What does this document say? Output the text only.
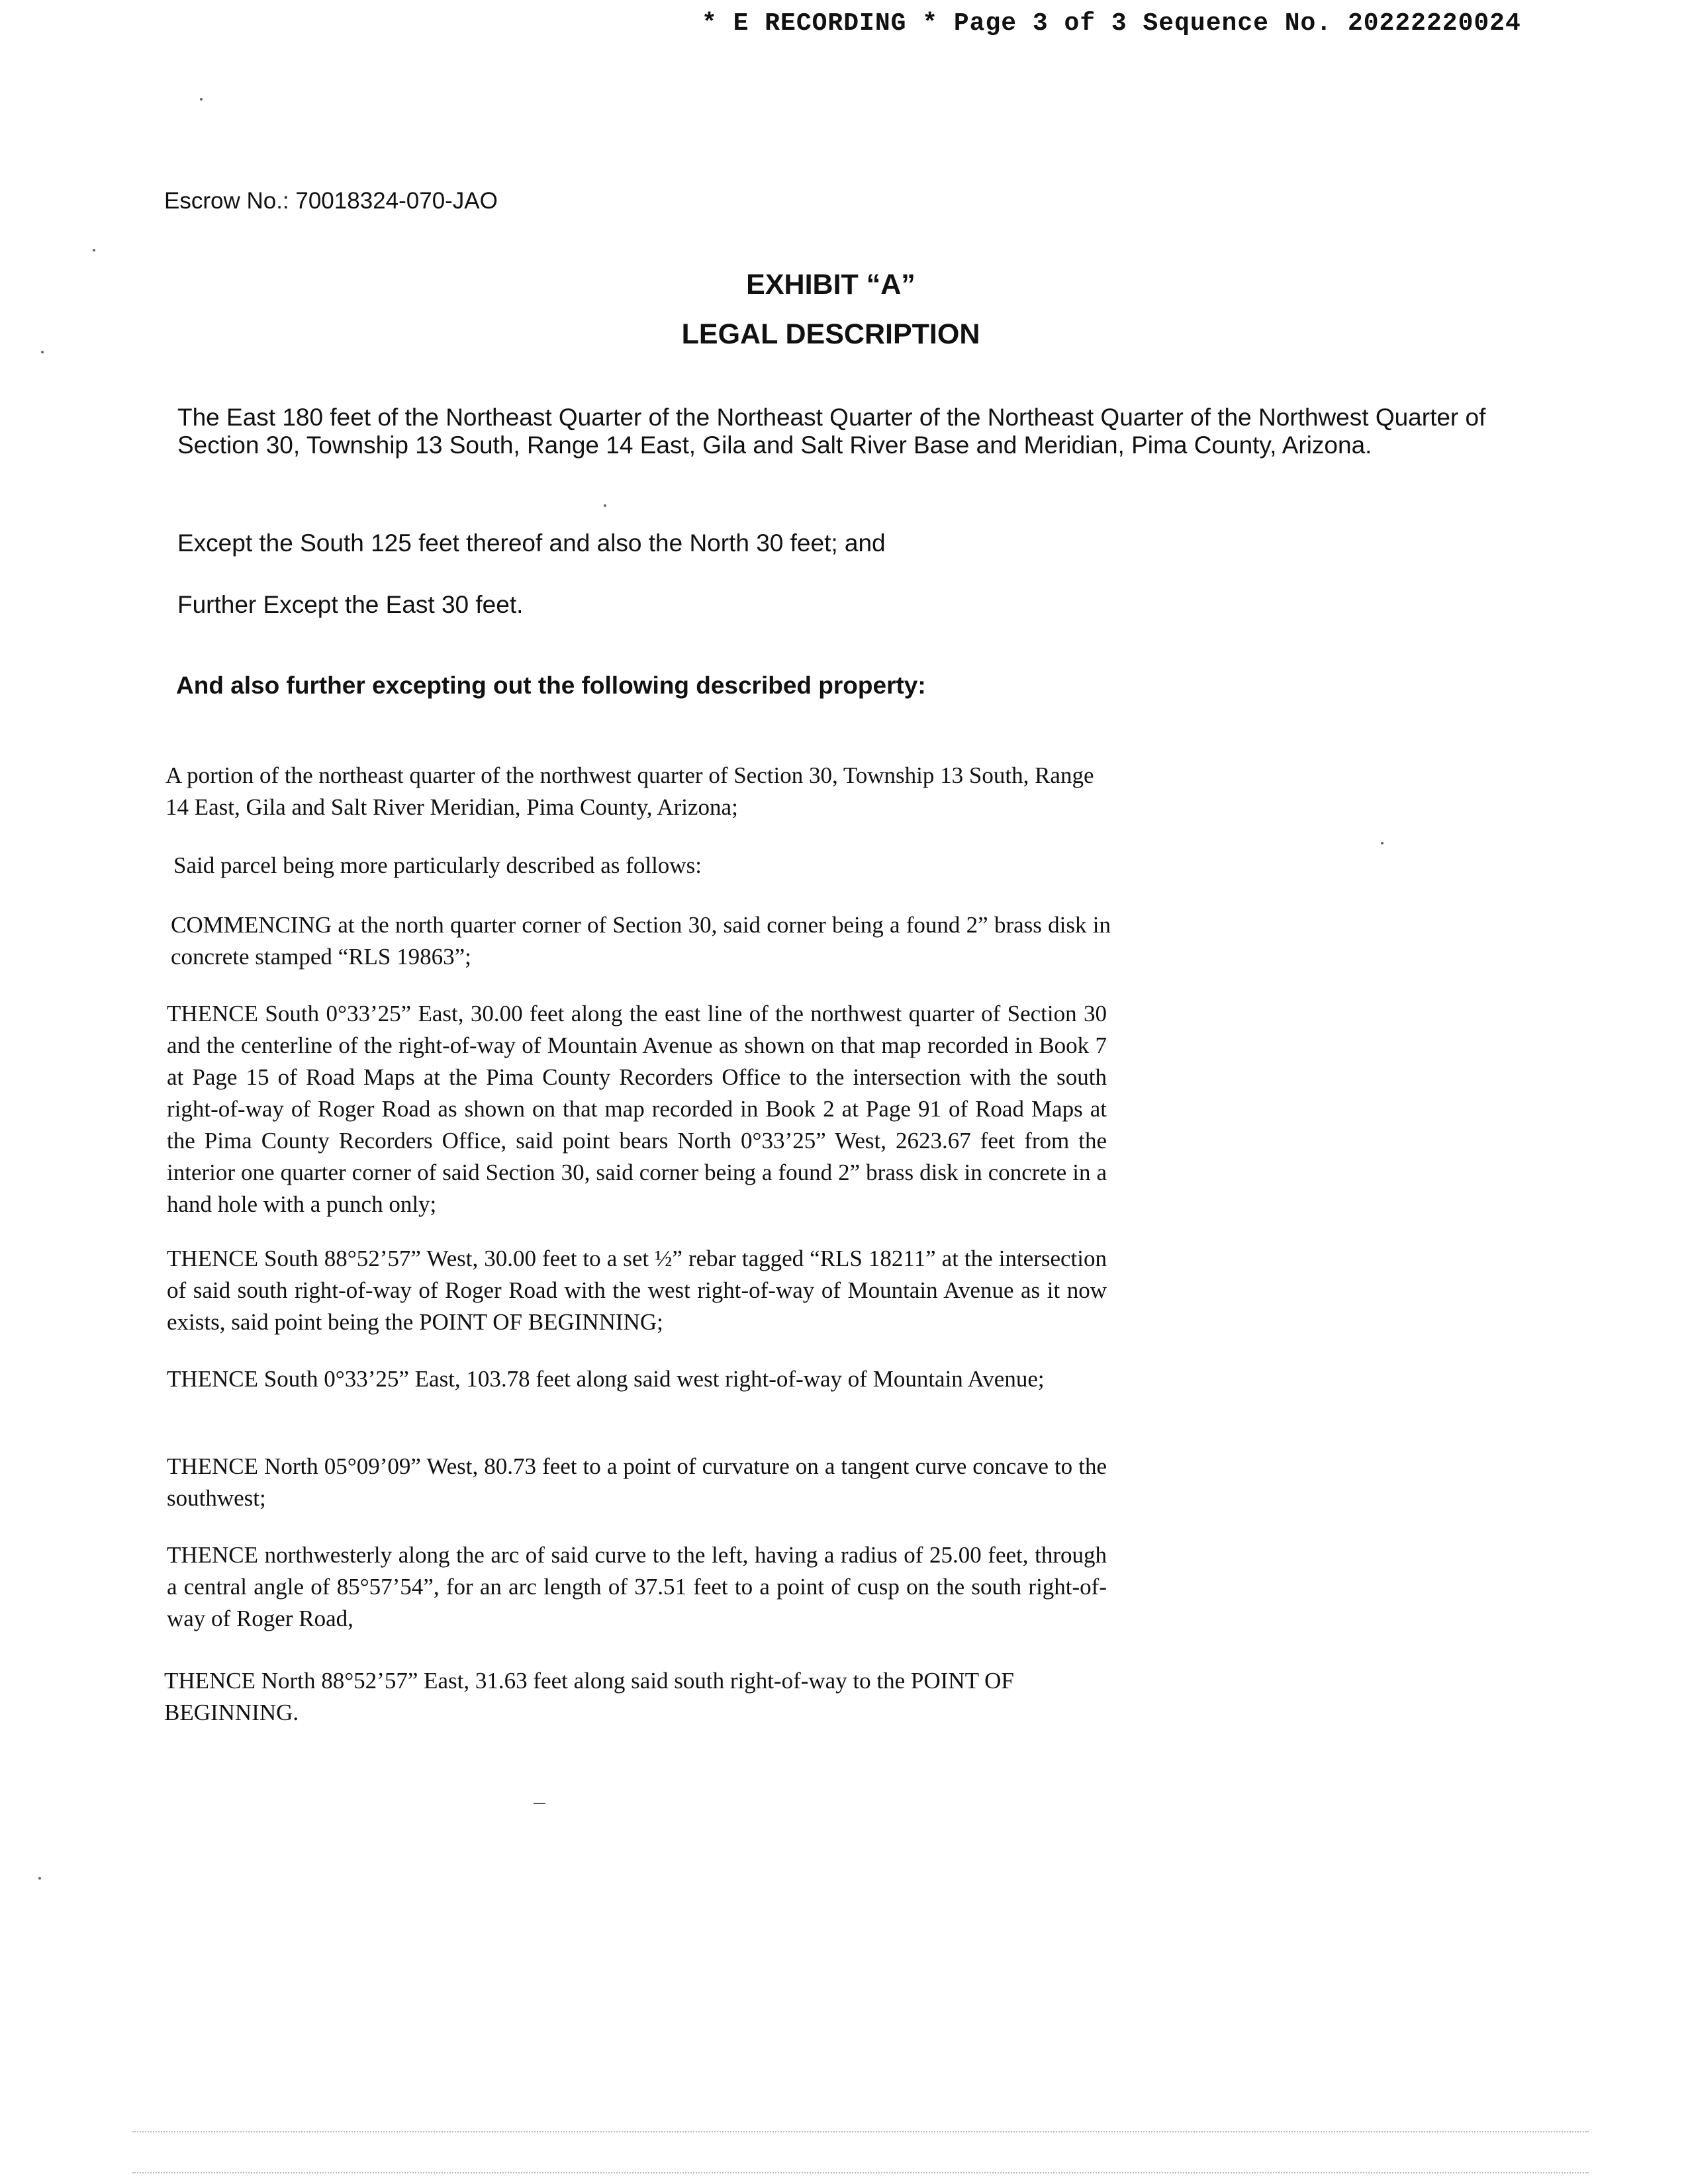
* E RECORDING * Page 3 of 3 Sequence No. 20222220024
Escrow No.: 70018324-070-JAO
EXHIBIT “A”
LEGAL DESCRIPTION
The East 180 feet of the Northeast Quarter of the Northeast Quarter of the Northeast Quarter of the Northwest Quarter of Section 30, Township 13 South, Range 14 East, Gila and Salt River Base and Meridian, Pima County, Arizona.
Except the South 125 feet thereof and also the North 30 feet; and
Further Except the East 30 feet.
And also further excepting out the following described property:
A portion of the northeast quarter of the northwest quarter of Section 30, Township 13 South, Range 14 East, Gila and Salt River Meridian, Pima County, Arizona;
Said parcel being more particularly described as follows:
COMMENCING at the north quarter corner of Section 30, said corner being a found 2” brass disk in concrete stamped “RLS 19863”;
THENCE South 0°33’25” East, 30.00 feet along the east line of the northwest quarter of Section 30 and the centerline of the right-of-way of Mountain Avenue as shown on that map recorded in Book 7 at Page 15 of Road Maps at the Pima County Recorders Office to the intersection with the south right-of-way of Roger Road as shown on that map recorded in Book 2 at Page 91 of Road Maps at the Pima County Recorders Office, said point bears North 0°33’25” West, 2623.67 feet from the interior one quarter corner of said Section 30, said corner being a found 2” brass disk in concrete in a hand hole with a punch only;
THENCE South 88°52’57” West, 30.00 feet to a set ½” rebar tagged “RLS 18211” at the intersection of said south right-of-way of Roger Road with the west right-of-way of Mountain Avenue as it now exists, said point being the POINT OF BEGINNING;
THENCE South 0°33’25” East, 103.78 feet along said west right-of-way of Mountain Avenue;
THENCE North 05°09’09” West, 80.73 feet to a point of curvature on a tangent curve concave to the southwest;
THENCE northwesterly along the arc of said curve to the left, having a radius of 25.00 feet, through a central angle of 85°57’54”, for an arc length of 37.51 feet to a point of cusp on the south right-of-way of Roger Road,
THENCE North 88°52’57” East, 31.63 feet along said south right-of-way to the POINT OF BEGINNING.
